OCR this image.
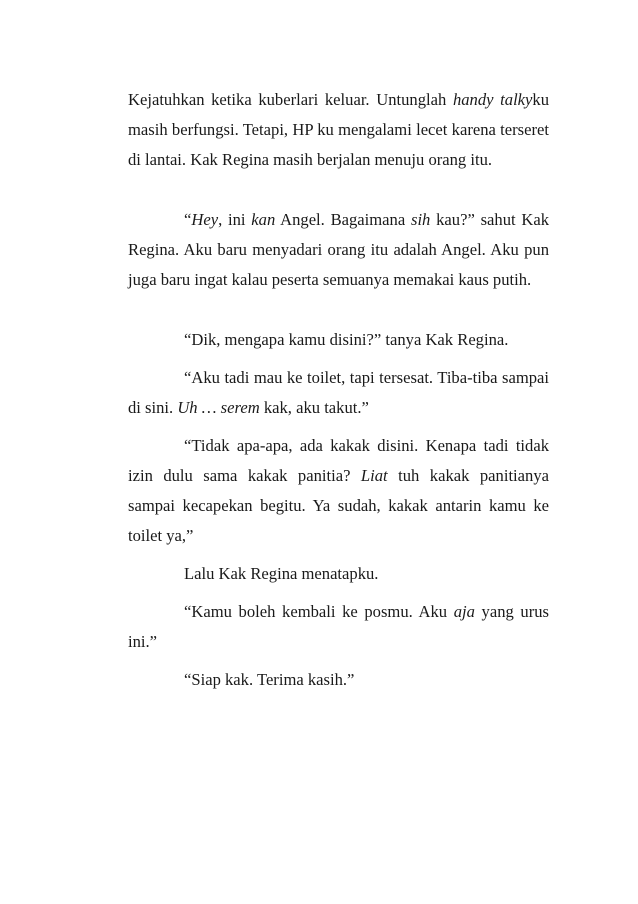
Kejatuhkan ketika kuberlari keluar. Untunglah handy talkyku masih berfungsi. Tetapi, HP ku mengalami lecet karena terseret di lantai. Kak Regina masih berjalan menuju orang itu.

“Hey, ini kan Angel. Bagaimana sih kau?” sahut Kak Regina. Aku baru menyadari orang itu adalah Angel. Aku pun juga baru ingat kalau peserta semuanya memakai kaus putih.

“Dik, mengapa kamu disini?” tanya Kak Regina.

“Aku tadi mau ke toilet, tapi tersesat. Tiba-tiba sampai di sini. Uh … serem kak, aku takut.”

“Tidak apa-apa, ada kakak disini. Kenapa tadi tidak izin dulu sama kakak panitia? Liat tuh kakak panitianya sampai kecapekan begitu. Ya sudah, kakak antarin kamu ke toilet ya,”

Lalu Kak Regina menatapku.

“Kamu boleh kembali ke posmu. Aku aja yang urus ini.”

“Siap kak. Terima kasih.”
